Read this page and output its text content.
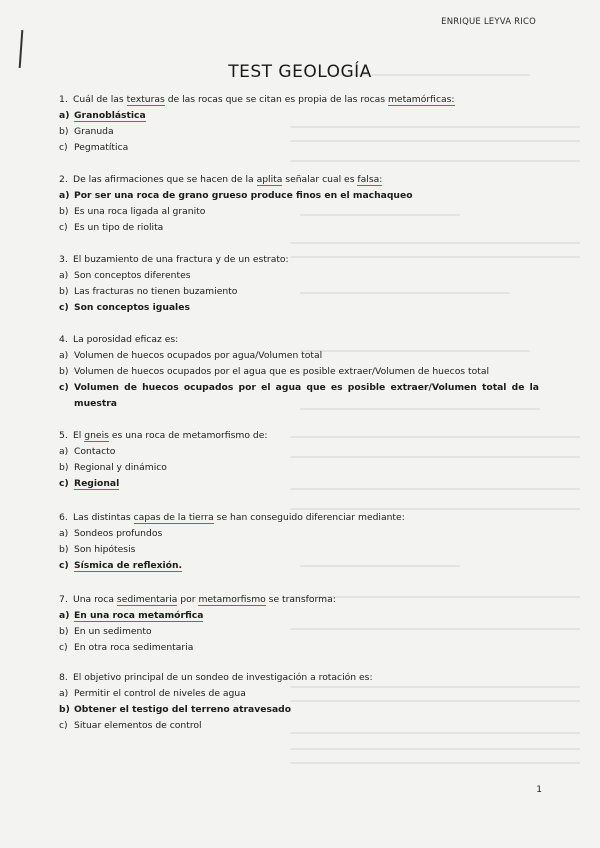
ENRIQUE LEYVA RICO
TEST GEOLOGÍA
1. Cuál de las texturas de las rocas que se citan es propia de las rocas metamórficas:
a) Granoblástica
b) Granuda
c) Pegmatítica
2. De las afirmaciones que se hacen de la aplita señalar cual es falsa:
a) Por ser una roca de grano grueso produce finos en el machaqueo
b) Es una roca ligada al granito
c) Es un tipo de riolita
3. El buzamiento de una fractura y de un estrato:
a) Son conceptos diferentes
b) Las fracturas no tienen buzamiento
c) Son conceptos iguales
4. La porosidad eficaz es:
a) Volumen de huecos ocupados por agua/Volumen total
b) Volumen de huecos ocupados por el agua que es posible extraer/Volumen de huecos total
c) Volumen de huecos ocupados por el agua que es posible extraer/Volumen total de la muestra
5. El gneis es una roca de metamorfismo de:
a) Contacto
b) Regional y dinámico
c) Regional
6. Las distintas capas de la tierra se han conseguido diferenciar mediante:
a) Sondeos profundos
b) Son hipótesis
c) Sísmica de reflexión.
7. Una roca sedimentaria por metamorfismo se transforma:
a) En una roca metamórfica
b) En un sedimento
c) En otra roca sedimentaria
8. El objetivo principal de un sondeo de investigación a rotación es:
a) Permitir el control de niveles de agua
b) Obtener el testigo del terreno atravesado
c) Situar elementos de control
1
